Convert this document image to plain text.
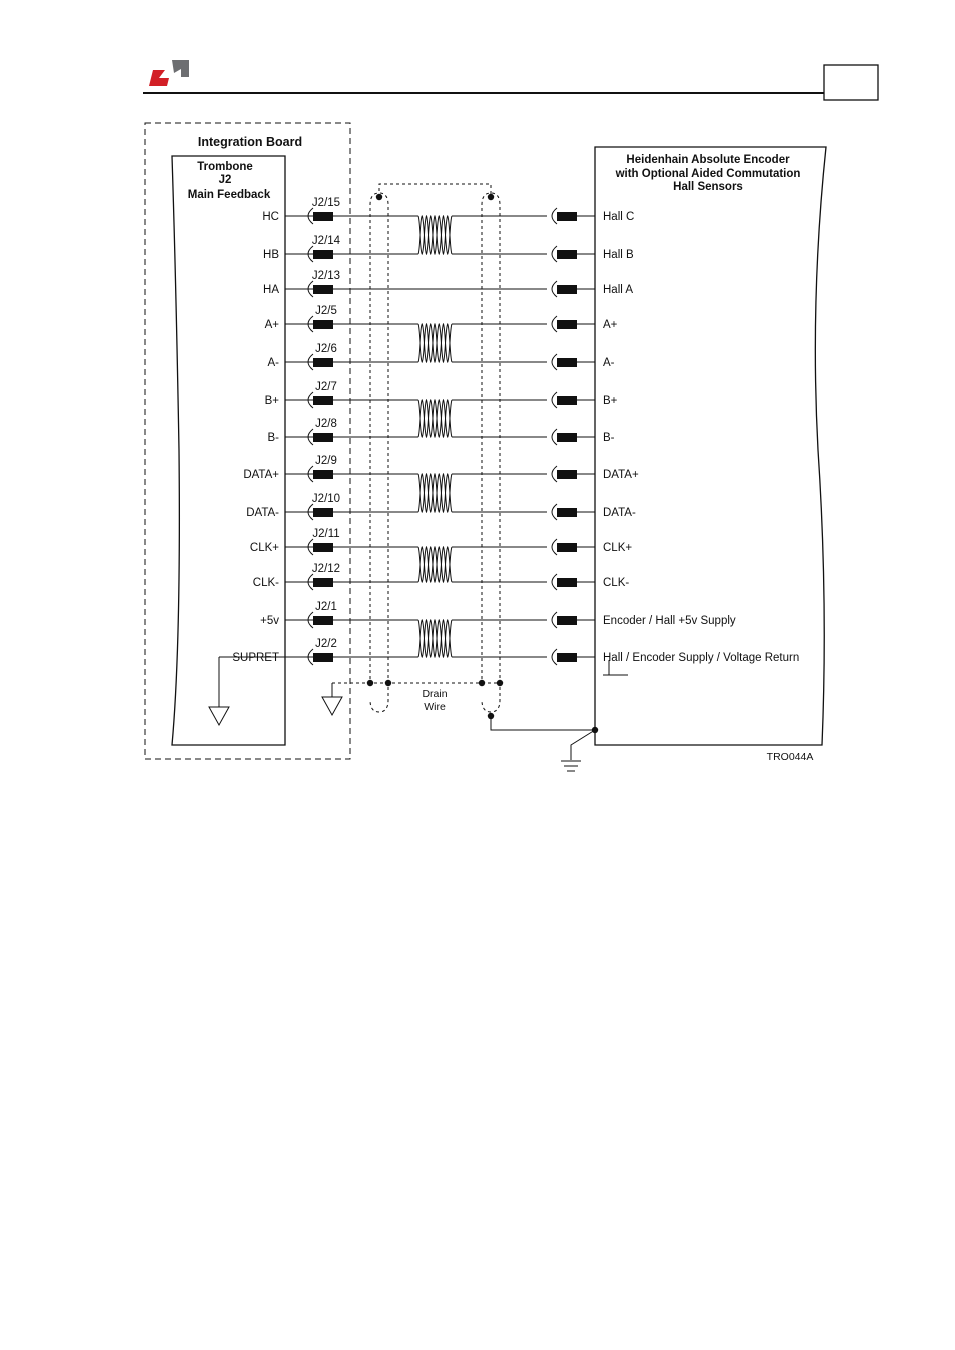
Integration Board
Trombone
J2
Main Feedback
Heidenhain Absolute Encoder
with Optional Aided Commutation
Hall Sensors
Drain
Wire
HC
J2/15
Hall C
HB
J2/14
Hall B
HA
J2/13
Hall A
A+
J2/5
A+
A-
J2/6
A-
B+
J2/7
B+
B-
J2/8
B-
DATA+
J2/9
DATA+
DATA-
J2/10
DATA-
CLK+
J2/11
CLK+
CLK-
J2/12
CLK-
+5v
J2/1
Encoder / Hall +5v Supply
SUPRET
J2/2
Hall / Encoder Supply / Voltage Return
TRO044A
